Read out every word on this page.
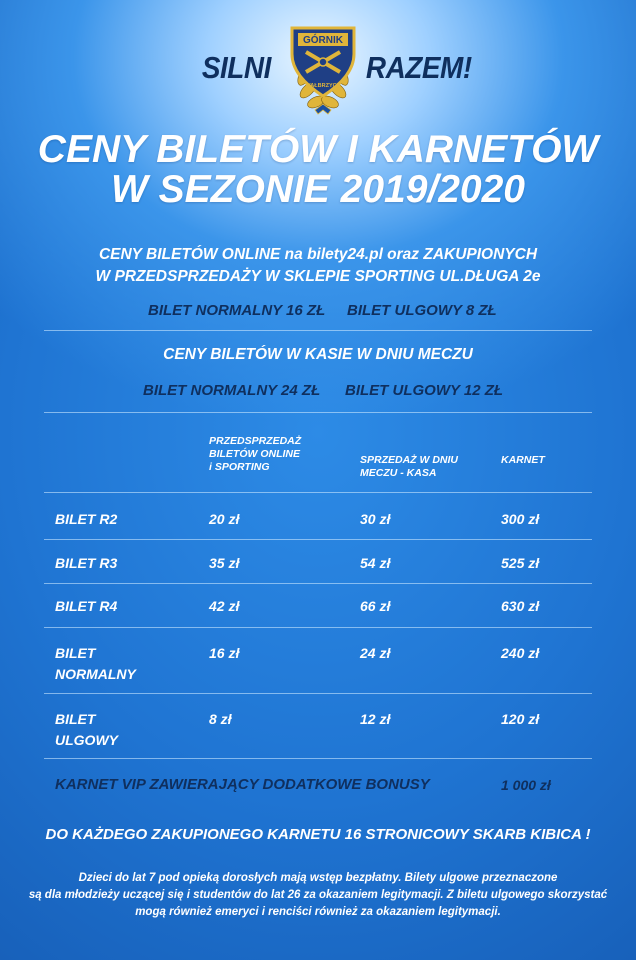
SILNI	RAZEM!
GÓRNIK
WAŁBRZYCH
CENY BILETÓW I KARNETÓW
W SEZONIE 2019/2020
CENY BILETÓW ONLINE na bilety24.pl oraz ZAKUPIONYCH
W PRZEDSPRZEDAŻY W SKLEPIE SPORTING UL.DŁUGA 2e
BILET NORMALNY 16 ZŁ BILET ULGOWY 8 ZŁ
CENY BILETÓW W KASIE W DNIU MECZU
BILET NORMALNY 24 ZŁ BILET ULGOWY 12 ZŁ
PRZEDSPRZEDAŻ
BILETÓW ONLINE
i SPORTING
SPRZEDAŻ W DNIU
MECZU - KASA
KARNET
BILET R2	20 zł	30 zł	300 zł
BILET R3	35 zł	54 zł	525 zł
BILET R4	42 zł	66 zł	630 zł
BILET
NORMALNY
16 zł	24 zł	240 zł
BILET
ULGOWY
8 zł	12 zł	120 zł
KARNET VIP ZAWIERAJĄCY DODATKOWE BONUSY	1 000 zł
DO KAŻDEGO ZAKUPIONEGO KARNETU 16 STRONICOWY SKARB KIBICA !
Dzieci do lat 7 pod opieką dorosłych mają wstęp bezpłatny. Bilety ulgowe przeznaczone
są dla młodzieży uczącej się i studentów do lat 26 za okazaniem legitymacji. Z biletu ulgowego skorzystać
mogą również emeryci i renciści również za okazaniem legitymacji.
